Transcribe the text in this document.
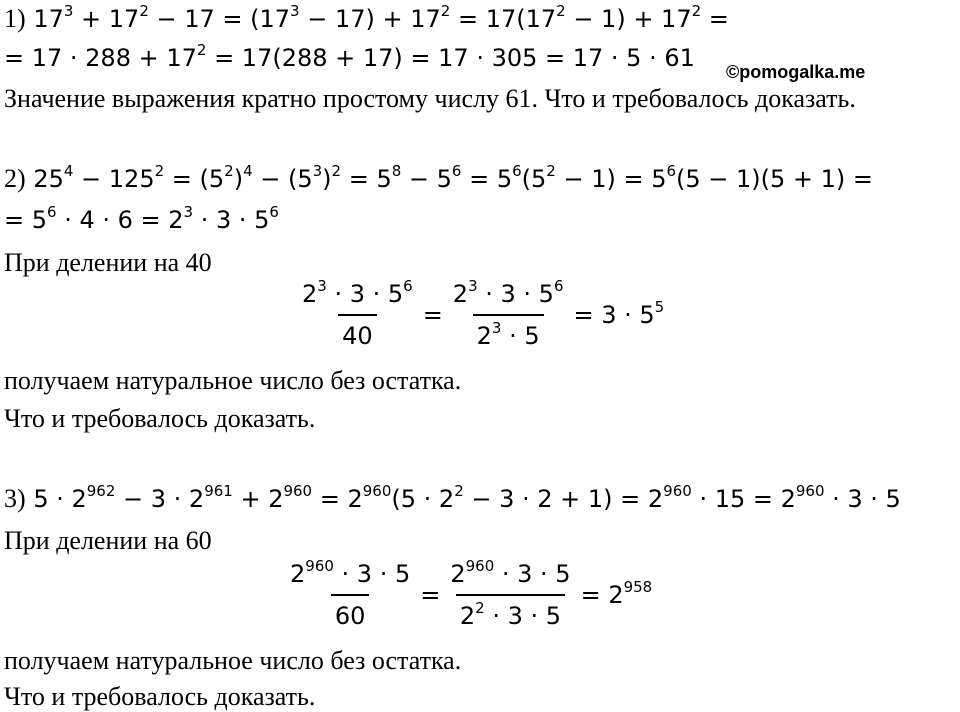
©pomogalka.me
1) $17^3 + 17^2 - 17 = (17^3 - 17) + 17^2 = 17(17^2 - 1) + 17^2$ =
= $17 \cdot 288 + 17^2 = 17(288 + 17) = 17 \cdot 305 = 17 \cdot 5 \cdot 61$
Значение выражения кратно простому числу 61. Что и требовалось доказать.
2) $25^4 - 125^2 = (5^2)^4 - (5^3)^2 = 5^8 - 5^6 = 5^6(5^2 - 1) = 5^6(5 - 1)(5 + 1)$ =
= $5^6 \cdot 4 \cdot 6 = 2^3 \cdot 3 \cdot 5^6$
При делении на 40
$\frac{2^3 \cdot 3 \cdot 5^6}{40} = \frac{2^3 \cdot 3 \cdot 5^6}{2^3 \cdot 5} = 3 \cdot 5^5$
получаем натуральное число без остатка.
Что и требовалось доказать.
3) $5 \cdot 2^{962} - 3 \cdot 2^{961} + 2^{960} = 2^{960}(5 \cdot 2^2 - 3 \cdot 2 + 1) = 2^{960} \cdot 15 = 2^{960} \cdot 3 \cdot 5$
При делении на 60
$\frac{2^{960} \cdot 3 \cdot 5}{60} = \frac{2^{960} \cdot 3 \cdot 5}{2^2 \cdot 3 \cdot 5} = 2^{958}$
получаем натуральное число без остатка.
Что и требовалось доказать.
